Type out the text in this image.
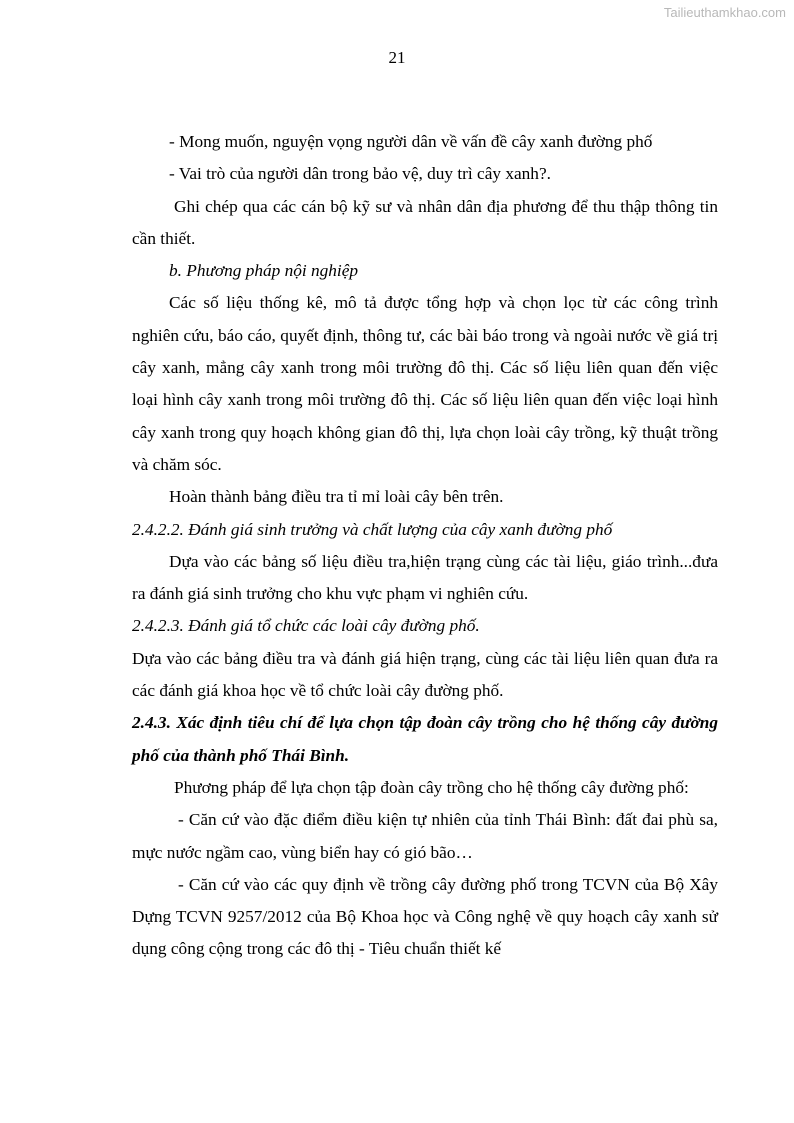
Tailieuthamkhao.com
21

- Mong muốn, nguyện vọng người dân về vấn đề cây xanh đường phố

- Vai trò của người dân trong bảo vệ, duy trì cây xanh?.

Ghi chép qua các cán bộ kỹ sư và nhân dân địa phương để thu thập thông tin cần thiết.

b. Phương pháp nội nghiệp

Các số liệu thống kê, mô tả được tổng hợp và chọn lọc từ các công trình nghiên cứu, báo cáo, quyết định, thông tư, các bài báo trong và ngoài nước về giá trị cây xanh, mẳng cây xanh trong môi trường đô thị. Các số liệu liên quan đến việc loại hình cây xanh trong môi trường đô thị. Các số liệu liên quan đến việc loại hình cây xanh trong quy hoạch không gian đô thị, lựa chọn loài cây trồng, kỹ thuật trồng và chăm sóc.

Hoàn thành bảng điều tra tỉ mỉ loài cây bên trên.

2.4.2.2. Đánh giá sinh trưởng và chất lượng của cây xanh đường phố

Dựa vào các bảng số liệu điều tra,hiện trạng cùng các tài liệu, giáo trình...đưa ra đánh giá sinh trưởng cho khu vực phạm vi nghiên cứu.

2.4.2.3. Đánh giá tổ chức các loài cây đường phố.

Dựa vào các bảng điều tra và đánh giá hiện trạng, cùng các tài liệu liên quan đưa ra các đánh giá khoa học về tổ chức loài cây đường phố.

2.4.3. Xác định tiêu chí để lựa chọn tập đoàn cây trồng cho hệ thống cây đường phố của thành phố Thái Bình.

Phương pháp để lựa chọn tập đoàn cây trồng cho hệ thống cây đường phố:

- Căn cứ vào đặc điểm điều kiện tự nhiên của tỉnh Thái Bình: đất đai phù sa, mực nước ngầm cao, vùng biển hay có gió bão…

- Căn cứ vào các quy định về trồng cây đường phố trong TCVN của Bộ Xây Dựng TCVN 9257/2012 của Bộ Khoa học và Công nghệ về quy hoạch cây xanh sử dụng công cộng trong các đô thị - Tiêu chuẩn thiết kế
